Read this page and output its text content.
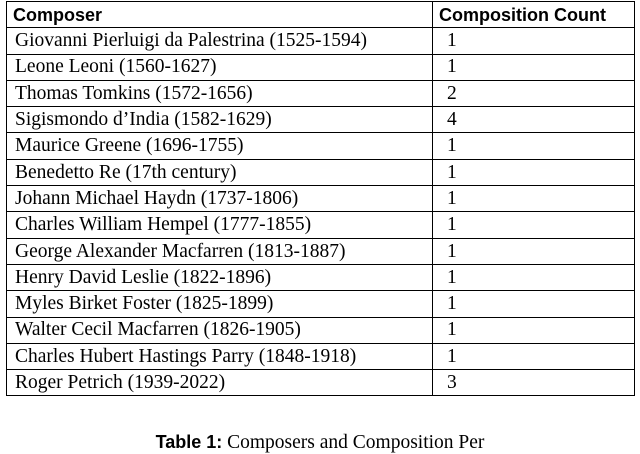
Composer	Composition Count
Giovanni Pierluigi da Palestrina (1525-1594)	1
Leone Leoni (1560-1627)	1
Thomas Tomkins (1572-1656)	2
Sigismondo d’India (1582-1629)	4
Maurice Greene (1696-1755)	1
Benedetto Re (17th century)	1
Johann Michael Haydn (1737-1806)	1
Charles William Hempel (1777-1855)	1
George Alexander Macfarren (1813-1887)	1
Henry David Leslie (1822-1896)	1
Myles Birket Foster (1825-1899)	1
Walter Cecil Macfarren (1826-1905)	1
Charles Hubert Hastings Parry (1848-1918)	1
Roger Petrich (1939-2022)	3
Table 1: Composers and Composition Per
